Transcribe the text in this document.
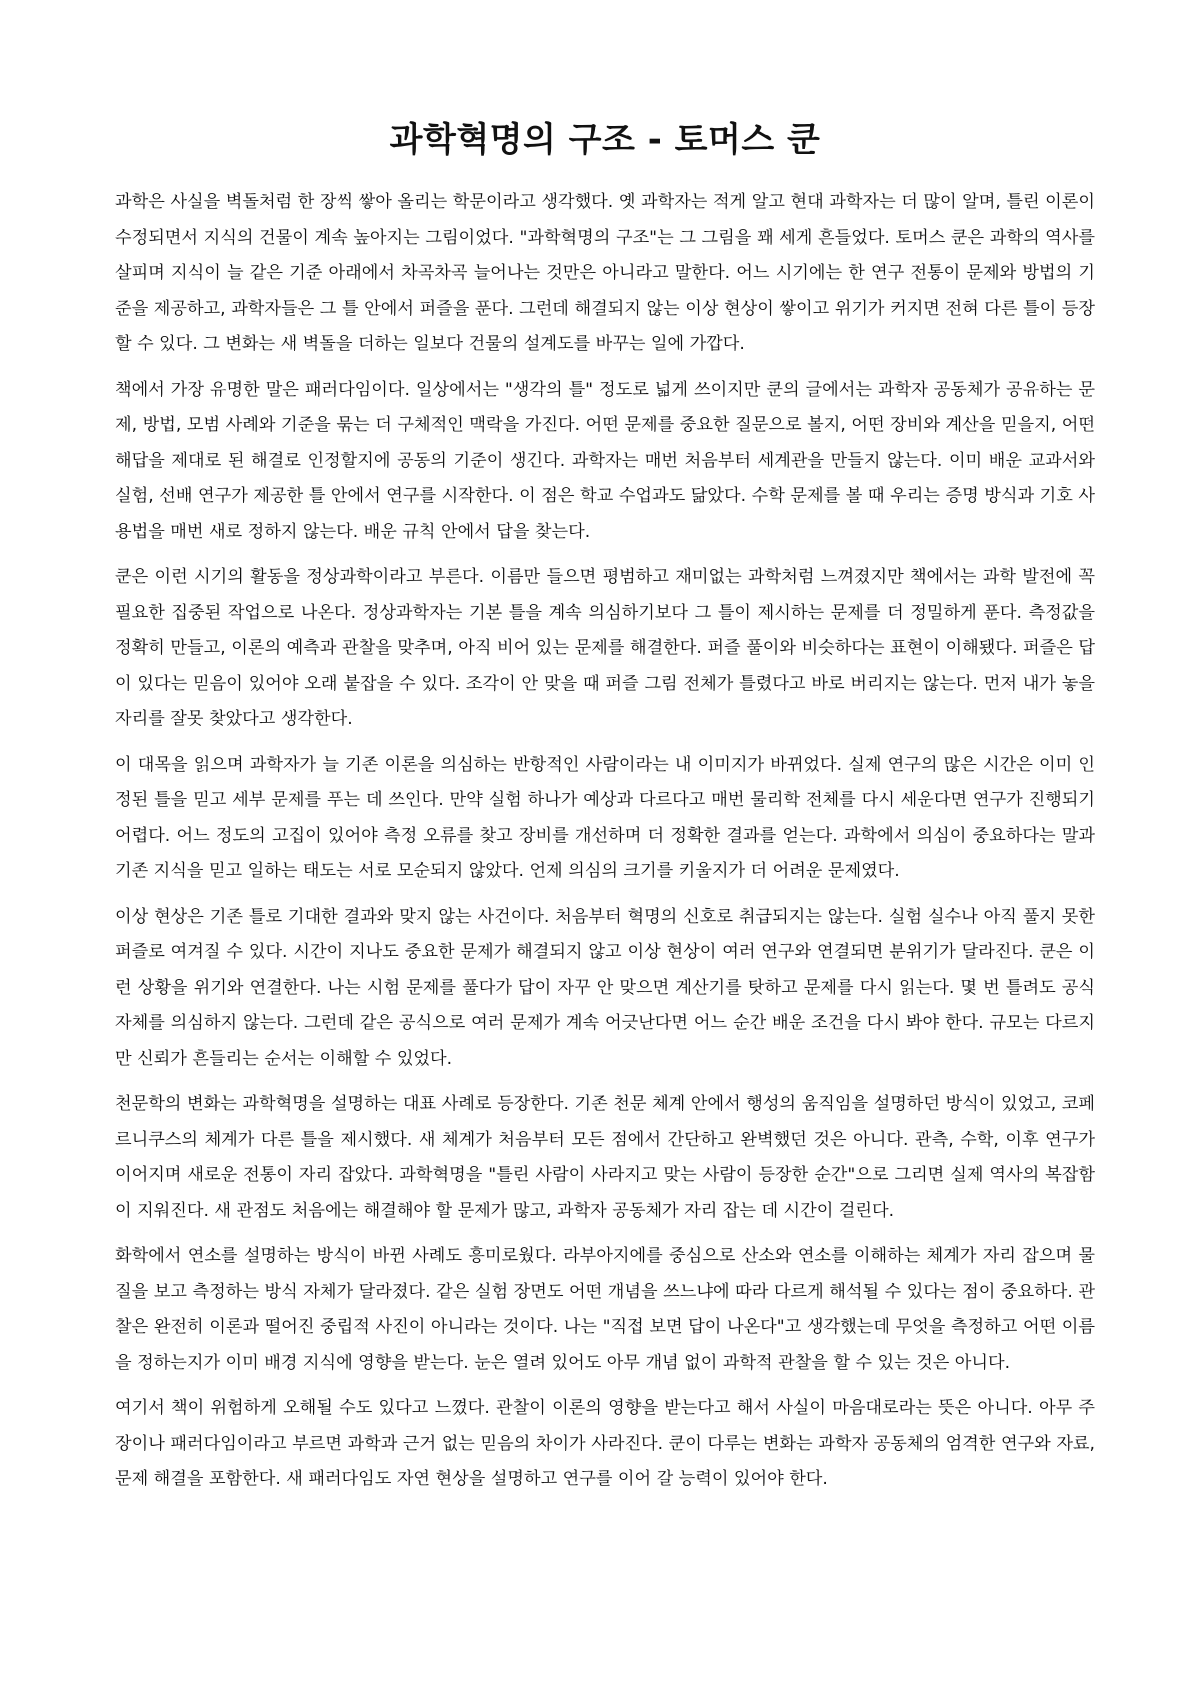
과학혁명의 구조 - 토머스 쿤

과학은 사실을 벽돌처럼 한 장씩 쌓아 올리는 학문이라고 생각했다. 옛 과학자는 적게 알고 현대 과학자는 더 많이 알며, 틀린 이론이 수정되면서 지식의 건물이 계속 높아지는 그림이었다. "과학혁명의 구조"는 그 그림을 꽤 세게 흔들었다. 토머스 쿤은 과학의 역사를 살피며 지식이 늘 같은 기준 아래에서 차곡차곡 늘어나는 것만은 아니라고 말한다. 어느 시기에는 한 연구 전통이 문제와 방법의 기준을 제공하고, 과학자들은 그 틀 안에서 퍼즐을 푼다. 그런데 해결되지 않는 이상 현상이 쌓이고 위기가 커지면 전혀 다른 틀이 등장할 수 있다. 그 변화는 새 벽돌을 더하는 일보다 건물의 설계도를 바꾸는 일에 가깝다.

책에서 가장 유명한 말은 패러다임이다. 일상에서는 "생각의 틀" 정도로 넓게 쓰이지만 쿤의 글에서는 과학자 공동체가 공유하는 문제, 방법, 모범 사례와 기준을 묶는 더 구체적인 맥락을 가진다. 어떤 문제를 중요한 질문으로 볼지, 어떤 장비와 계산을 믿을지, 어떤 해답을 제대로 된 해결로 인정할지에 공동의 기준이 생긴다. 과학자는 매번 처음부터 세계관을 만들지 않는다. 이미 배운 교과서와 실험, 선배 연구가 제공한 틀 안에서 연구를 시작한다. 이 점은 학교 수업과도 닮았다. 수학 문제를 볼 때 우리는 증명 방식과 기호 사용법을 매번 새로 정하지 않는다. 배운 규칙 안에서 답을 찾는다.

쿤은 이런 시기의 활동을 정상과학이라고 부른다. 이름만 들으면 평범하고 재미없는 과학처럼 느껴졌지만 책에서는 과학 발전에 꼭 필요한 집중된 작업으로 나온다. 정상과학자는 기본 틀을 계속 의심하기보다 그 틀이 제시하는 문제를 더 정밀하게 푼다. 측정값을 정확히 만들고, 이론의 예측과 관찰을 맞추며, 아직 비어 있는 문제를 해결한다. 퍼즐 풀이와 비슷하다는 표현이 이해됐다. 퍼즐은 답이 있다는 믿음이 있어야 오래 붙잡을 수 있다. 조각이 안 맞을 때 퍼즐 그림 전체가 틀렸다고 바로 버리지는 않는다. 먼저 내가 놓을 자리를 잘못 찾았다고 생각한다.

이 대목을 읽으며 과학자가 늘 기존 이론을 의심하는 반항적인 사람이라는 내 이미지가 바뀌었다. 실제 연구의 많은 시간은 이미 인정된 틀을 믿고 세부 문제를 푸는 데 쓰인다. 만약 실험 하나가 예상과 다르다고 매번 물리학 전체를 다시 세운다면 연구가 진행되기 어렵다. 어느 정도의 고집이 있어야 측정 오류를 찾고 장비를 개선하며 더 정확한 결과를 얻는다. 과학에서 의심이 중요하다는 말과 기존 지식을 믿고 일하는 태도는 서로 모순되지 않았다. 언제 의심의 크기를 키울지가 더 어려운 문제였다.

이상 현상은 기존 틀로 기대한 결과와 맞지 않는 사건이다. 처음부터 혁명의 신호로 취급되지는 않는다. 실험 실수나 아직 풀지 못한 퍼즐로 여겨질 수 있다. 시간이 지나도 중요한 문제가 해결되지 않고 이상 현상이 여러 연구와 연결되면 분위기가 달라진다. 쿤은 이런 상황을 위기와 연결한다. 나는 시험 문제를 풀다가 답이 자꾸 안 맞으면 계산기를 탓하고 문제를 다시 읽는다. 몇 번 틀려도 공식 자체를 의심하지 않는다. 그런데 같은 공식으로 여러 문제가 계속 어긋난다면 어느 순간 배운 조건을 다시 봐야 한다. 규모는 다르지만 신뢰가 흔들리는 순서는 이해할 수 있었다.

천문학의 변화는 과학혁명을 설명하는 대표 사례로 등장한다. 기존 천문 체계 안에서 행성의 움직임을 설명하던 방식이 있었고, 코페르니쿠스의 체계가 다른 틀을 제시했다. 새 체계가 처음부터 모든 점에서 간단하고 완벽했던 것은 아니다. 관측, 수학, 이후 연구가 이어지며 새로운 전통이 자리 잡았다. 과학혁명을 "틀린 사람이 사라지고 맞는 사람이 등장한 순간"으로 그리면 실제 역사의 복잡함이 지워진다. 새 관점도 처음에는 해결해야 할 문제가 많고, 과학자 공동체가 자리 잡는 데 시간이 걸린다.

화학에서 연소를 설명하는 방식이 바뀐 사례도 흥미로웠다. 라부아지에를 중심으로 산소와 연소를 이해하는 체계가 자리 잡으며 물질을 보고 측정하는 방식 자체가 달라졌다. 같은 실험 장면도 어떤 개념을 쓰느냐에 따라 다르게 해석될 수 있다는 점이 중요하다. 관찰은 완전히 이론과 떨어진 중립적 사진이 아니라는 것이다. 나는 "직접 보면 답이 나온다"고 생각했는데 무엇을 측정하고 어떤 이름을 정하는지가 이미 배경 지식에 영향을 받는다. 눈은 열려 있어도 아무 개념 없이 과학적 관찰을 할 수 있는 것은 아니다.

여기서 책이 위험하게 오해될 수도 있다고 느꼈다. 관찰이 이론의 영향을 받는다고 해서 사실이 마음대로라는 뜻은 아니다. 아무 주장이나 패러다임이라고 부르면 과학과 근거 없는 믿음의 차이가 사라진다. 쿤이 다루는 변화는 과학자 공동체의 엄격한 연구와 자료, 문제 해결을 포함한다. 새 패러다임도 자연 현상을 설명하고 연구를 이어 갈 능력이 있어야 한다.
